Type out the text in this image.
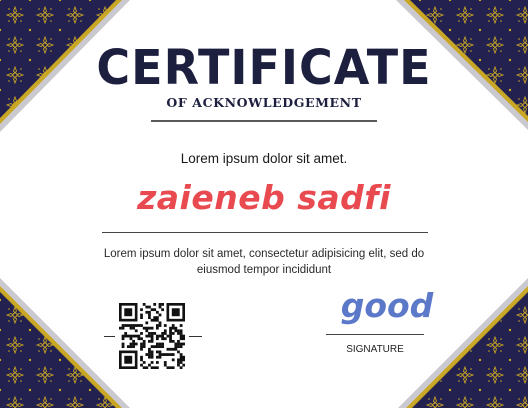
CERTIFICATE
OF ACKNOWLEDGEMENT
Lorem ipsum dolor sit amet.
zaieneb sadfi
Lorem ipsum dolor sit amet, consectetur adipisicing elit, sed do eiusmod tempor incididunt
good
SIGNATURE
